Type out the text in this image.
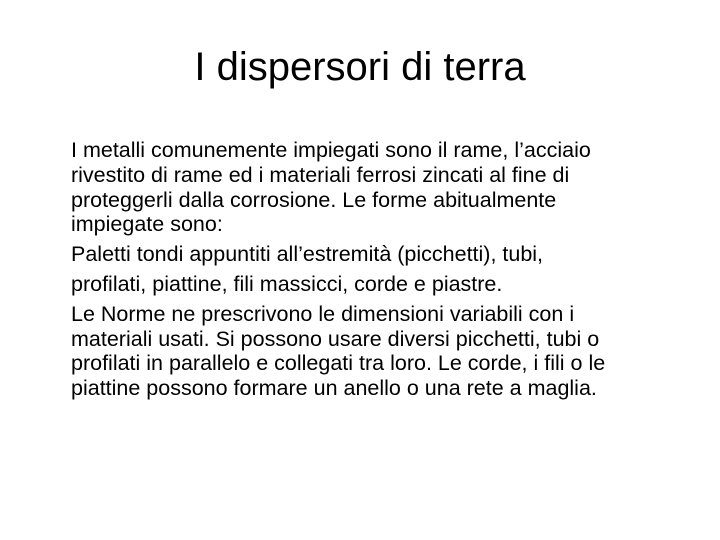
I dispersori di terra

I metalli comunemente impiegati sono il rame, l’acciaio
rivestito di rame ed i materiali ferrosi zincati al fine di
proteggerli dalla corrosione. Le forme abitualmente
impiegate sono:

Paletti tondi appuntiti all’estremità (picchetti), tubi,

profilati, piattine, fili massicci, corde e piastre.

Le Norme ne prescrivono le dimensioni variabili con i
materiali usati. Si possono usare diversi picchetti, tubi o
profilati in parallelo e collegati tra loro. Le corde, i fili o le
piattine possono formare un anello o una rete a maglia.
